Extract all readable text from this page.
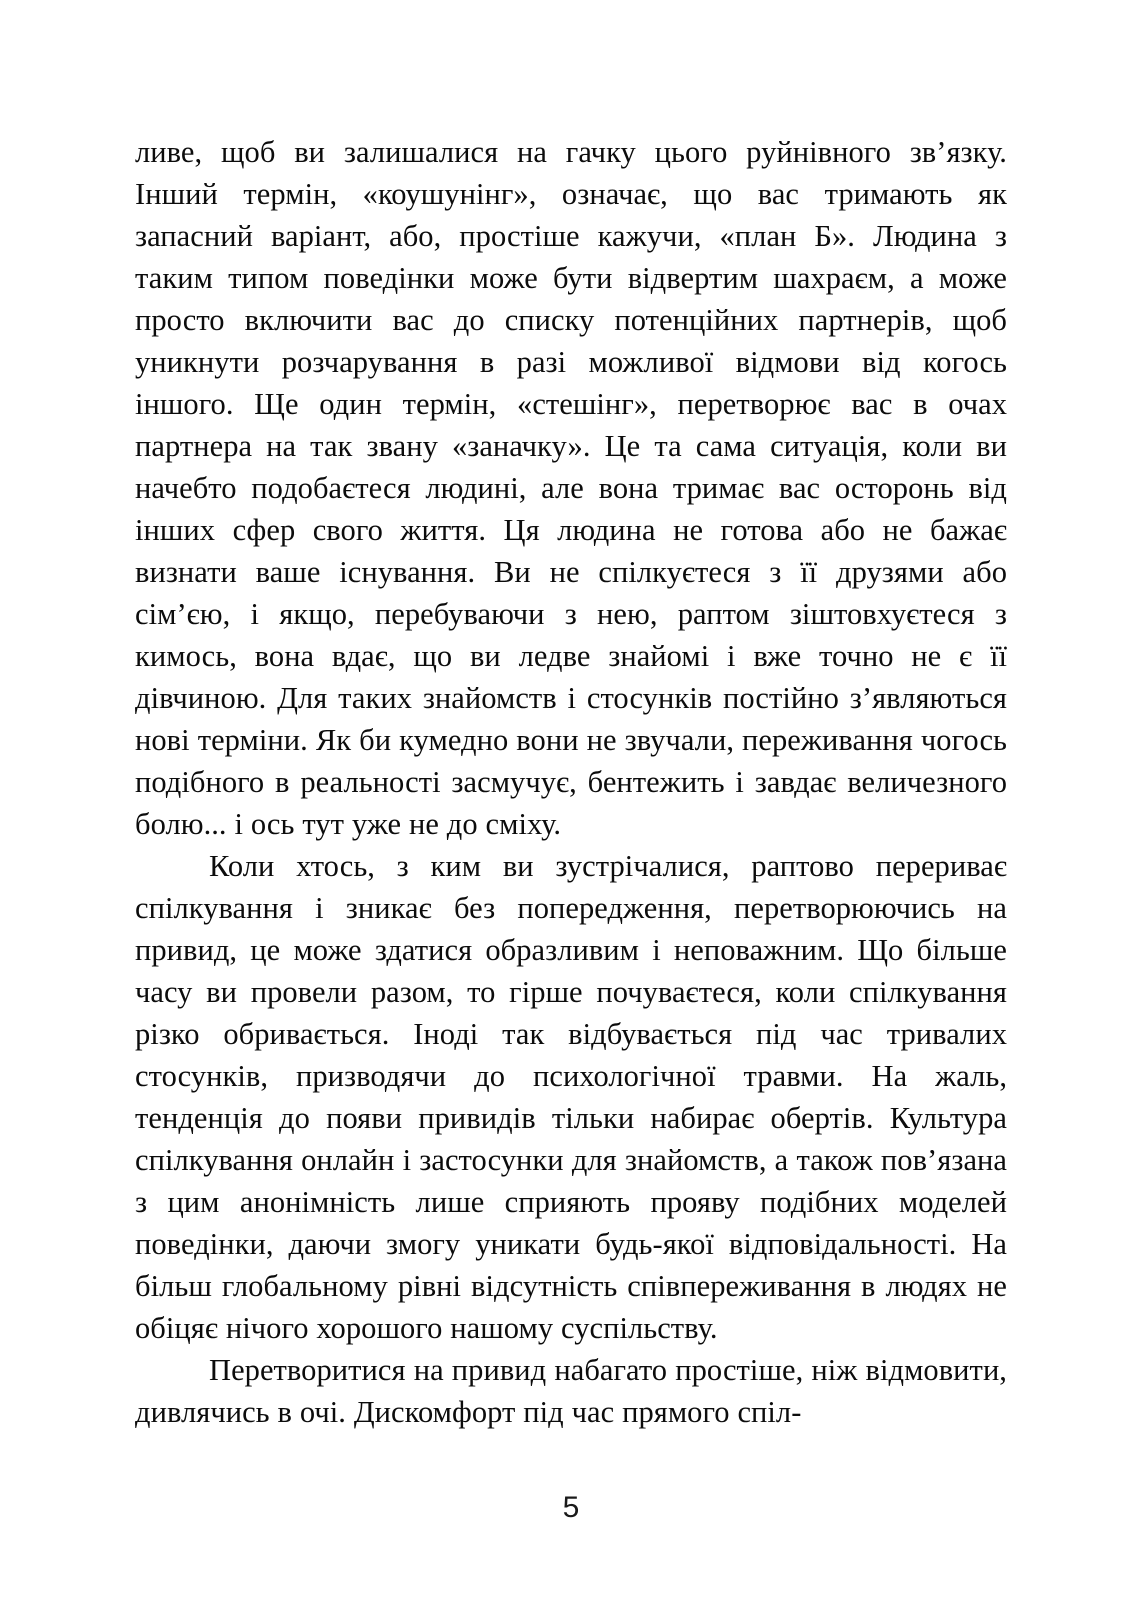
ливе, щоб ви залишалися на гачку цього руйнівного зв’язку. Інший термін, «коушунінг», означає, що вас тримають як запасний варіант, або, простіше кажучи, «план Б». Людина з таким типом поведінки може бути відвертим шахраєм, а може просто включити вас до списку потенційних партнерів, щоб уникнути розчарування в разі можливої відмови від когось іншого. Ще один термін, «стешінг», перетворює вас в очах партнера на так звану «заначку». Це та сама ситуація, коли ви начебто подобаєтеся людині, але вона тримає вас осторонь від інших сфер свого життя. Ця людина не готова або не бажає визнати ваше існування. Ви не спілкуєтеся з її друзями або сім’єю, і якщо, перебуваючи з нею, раптом зіштовхуєтеся з кимось, вона вдає, що ви ледве знайомі і вже точно не є її дівчиною. Для таких знайомств і стосунків постійно з’являються нові терміни. Як би кумедно вони не звучали, переживання чогось подібного в реальності засмучує, бентежить і завдає величезного болю... і ось тут уже не до сміху.

Коли хтось, з ким ви зустрічалися, раптово перериває спілкування і зникає без попередження, перетворюючись на привид, це може здатися образливим і неповажним. Що більше часу ви провели разом, то гірше почуваєтеся, коли спілкування різко обривається. Іноді так відбувається під час тривалих стосунків, призводячи до психологічної травми. На жаль, тенденція до появи привидів тільки набирає обертів. Культура спілкування онлайн і застосунки для знайомств, а також пов’язана з цим анонімність лише сприяють прояву подібних моделей поведінки, даючи змогу уникати будь-якої відповідальності. На більш глобальному рівні відсутність співпереживання в людях не обіцяє нічого хорошого нашому суспільству.

Перетворитися на привид набагато простіше, ніж відмовити, дивлячись в очі. Дискомфорт під час прямого спіл-

5
